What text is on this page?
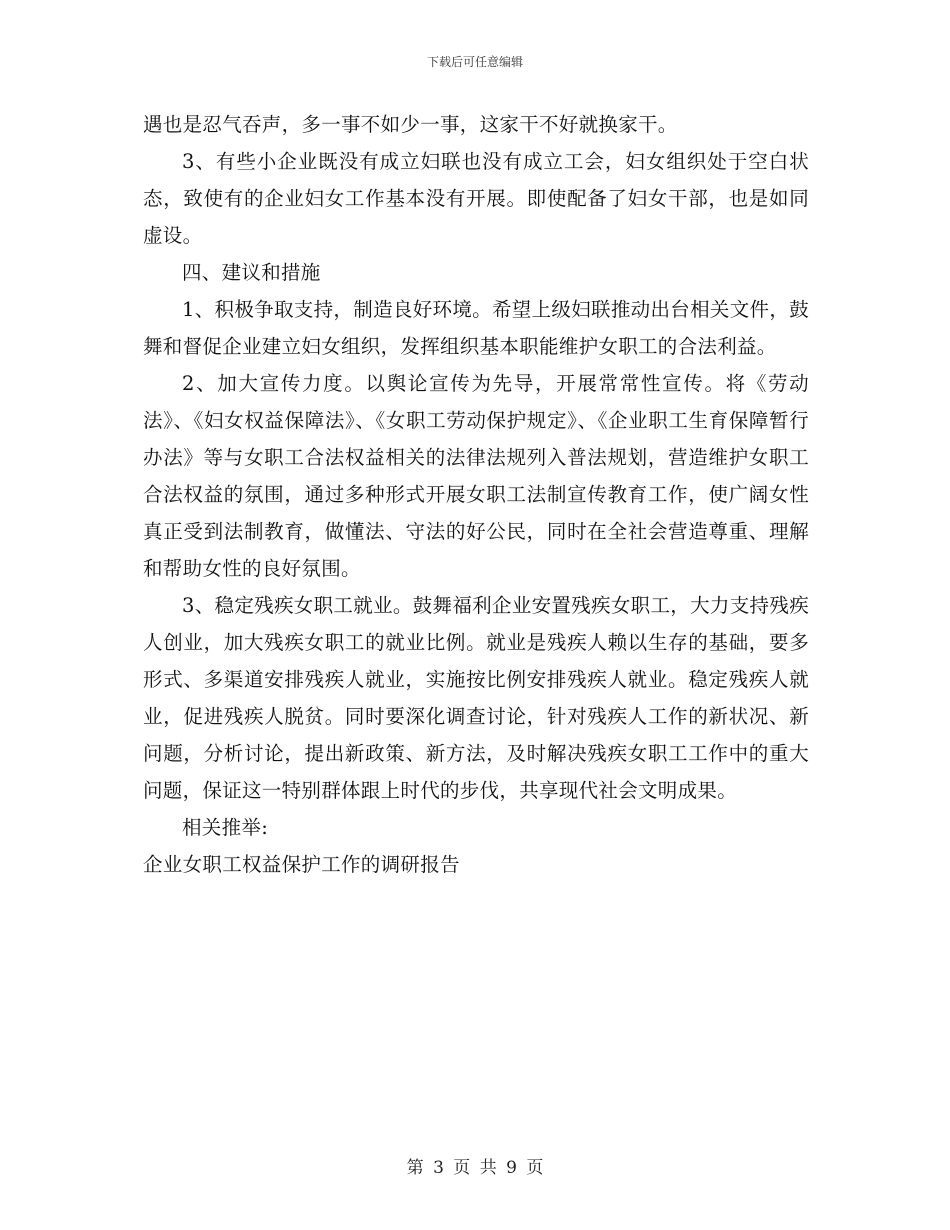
下载后可任意编辑

遇也是忍气吞声，多一事不如少一事，这家干不好就换家干。

3、有些小企业既没有成立妇联也没有成立工会，妇女组织处于空白状态，致使有的企业妇女工作基本没有开展。即使配备了妇女干部，也是如同虚设。

四、建议和措施

1、积极争取支持，制造良好环境。希望上级妇联推动出台相关文件，鼓舞和督促企业建立妇女组织，发挥组织基本职能维护女职工的合法利益。

2、加大宣传力度。以舆论宣传为先导，开展常常性宣传。将《劳动法》、《妇女权益保障法》、《女职工劳动保护规定》、《企业职工生育保障暂行办法》等与女职工合法权益相关的法律法规列入普法规划，营造维护女职工合法权益的氛围，通过多种形式开展女职工法制宣传教育工作，使广阔女性真正受到法制教育，做懂法、守法的好公民，同时在全社会营造尊重、理解和帮助女性的良好氛围。

3、稳定残疾女职工就业。鼓舞福利企业安置残疾女职工，大力支持残疾人创业，加大残疾女职工的就业比例。就业是残疾人赖以生存的基础，要多形式、多渠道安排残疾人就业，实施按比例安排残疾人就业。稳定残疾人就业，促进残疾人脱贫。同时要深化调查讨论，针对残疾人工作的新状况、新问题，分析讨论，提出新政策、新方法，及时解决残疾女职工工作中的重大问题，保证这一特别群体跟上时代的步伐，共享现代社会文明成果。

相关推举:

企业女职工权益保护工作的调研报告

第 3 页 共 9 页
